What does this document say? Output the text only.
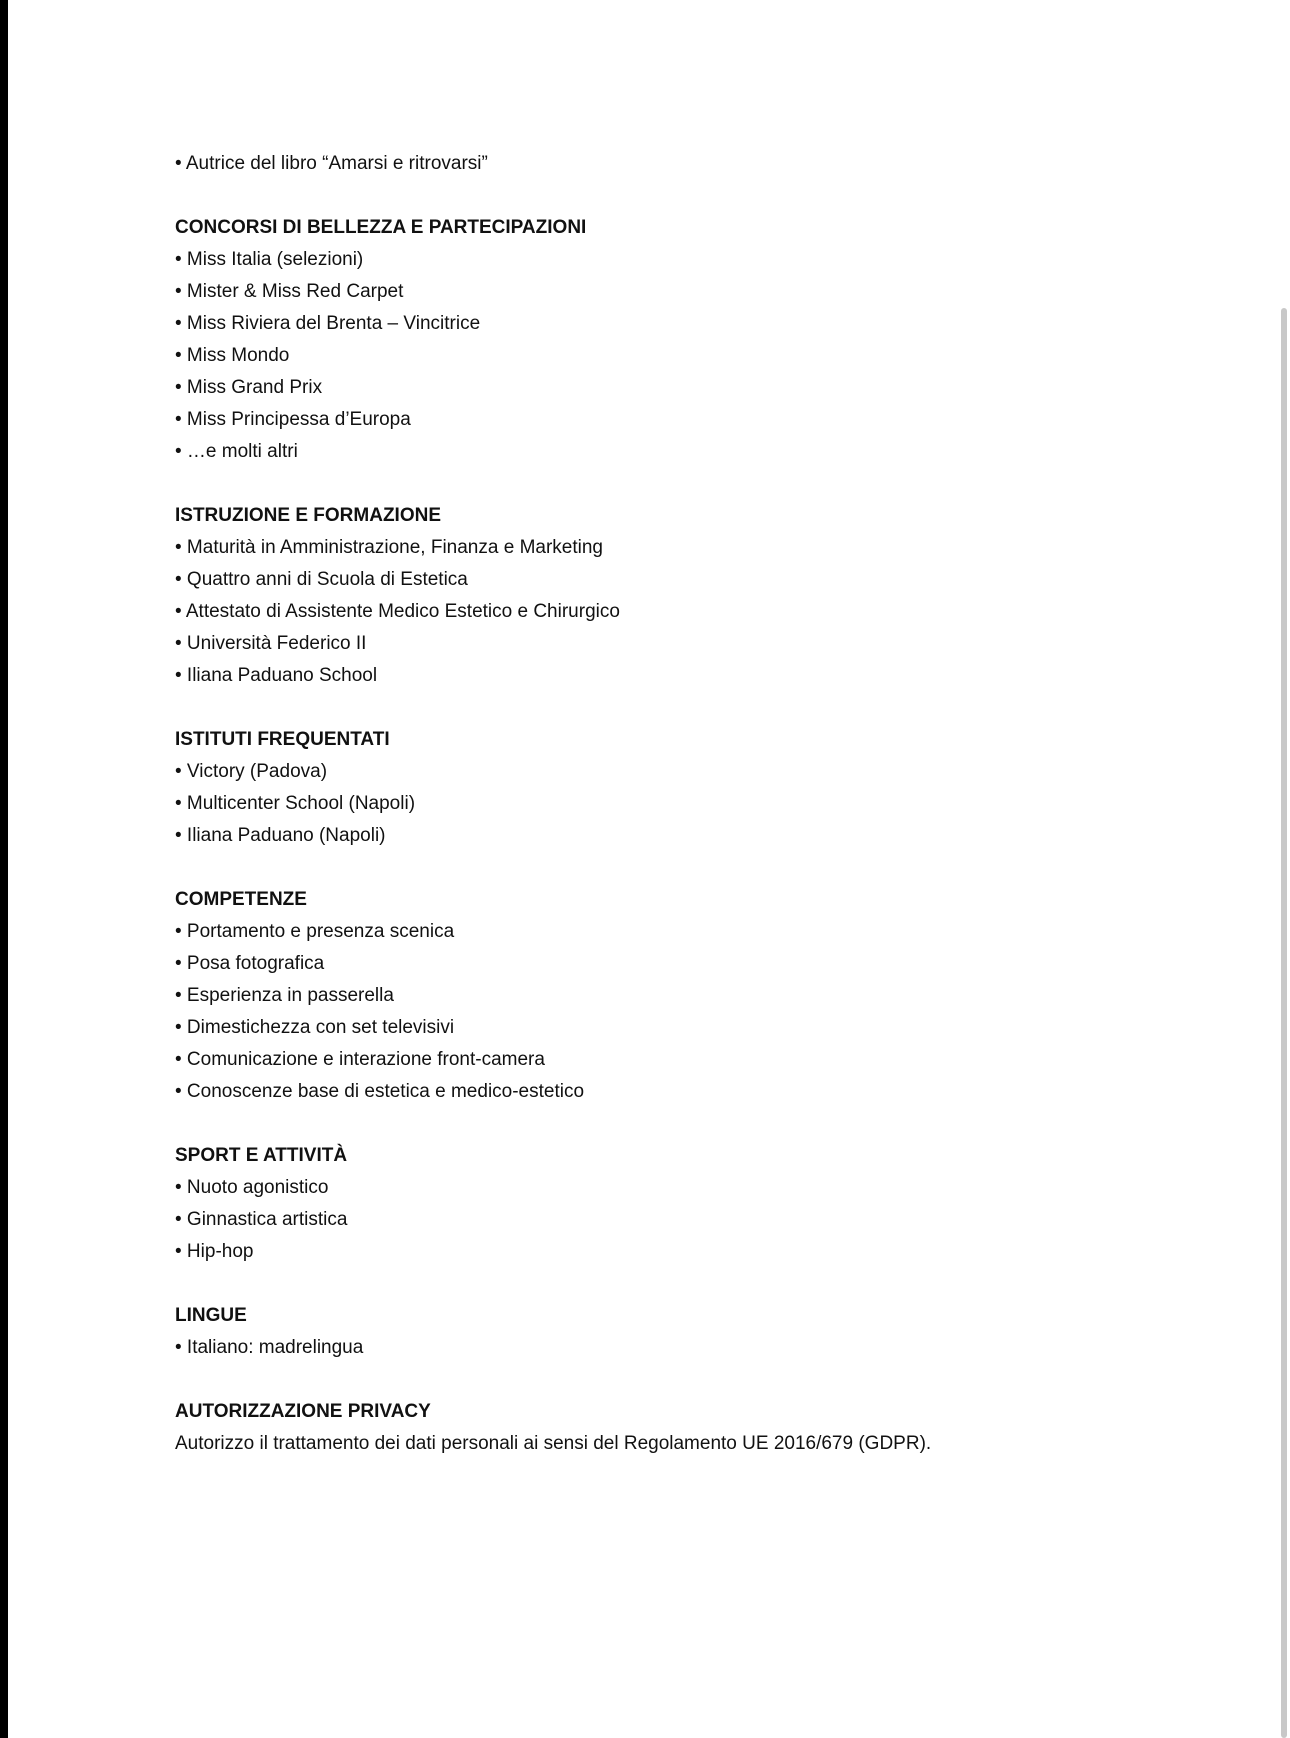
• Autrice del libro “Amarsi e ritrovarsi”
CONCORSI DI BELLEZZA E PARTECIPAZIONI
• Miss Italia (selezioni)
• Mister & Miss Red Carpet
• Miss Riviera del Brenta – Vincitrice
• Miss Mondo
• Miss Grand Prix
• Miss Principessa d’Europa
• …e molti altri
ISTRUZIONE E FORMAZIONE
• Maturità in Amministrazione, Finanza e Marketing
• Quattro anni di Scuola di Estetica
• Attestato di Assistente Medico Estetico e Chirurgico
• Università Federico II
• Iliana Paduano School
ISTITUTI FREQUENTATI
• Victory (Padova)
• Multicenter School (Napoli)
• Iliana Paduano (Napoli)
COMPETENZE
• Portamento e presenza scenica
• Posa fotografica
• Esperienza in passerella
• Dimestichezza con set televisivi
• Comunicazione e interazione front-camera
• Conoscenze base di estetica e medico-estetico
SPORT E ATTIVITÀ
• Nuoto agonistico
• Ginnastica artistica
• Hip-hop
LINGUE
• Italiano: madrelingua
AUTORIZZAZIONE PRIVACY
Autorizzo il trattamento dei dati personali ai sensi del Regolamento UE 2016/679 (GDPR).
